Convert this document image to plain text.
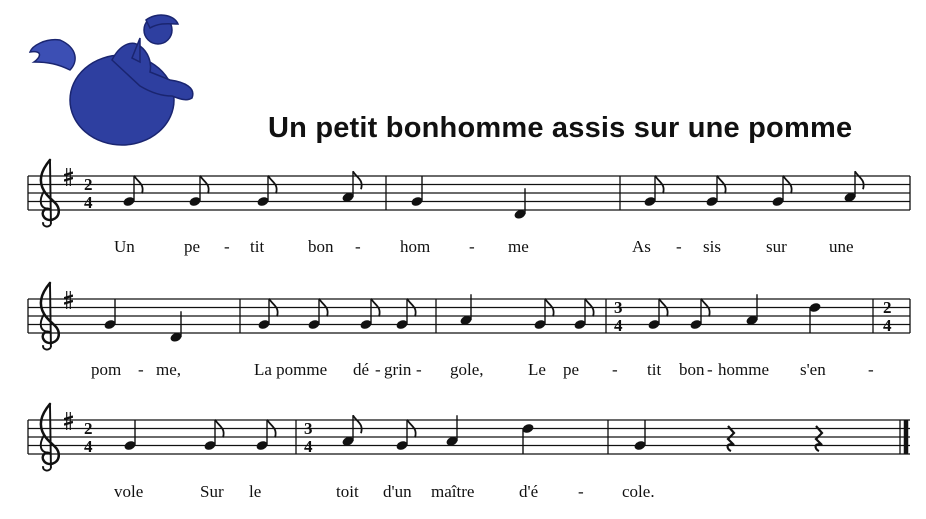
Un petit bonhomme assis sur une pomme
2
4
3
4
2
4
2
4
3
4
Un	pe - tit	bon - hom - me	As - sis	sur une
pom - me,	La pomme dé - grin - gole,	Le pe - tit bon - homme s'en -
vole	Sur le	toit d'un maître	d'é - cole.
